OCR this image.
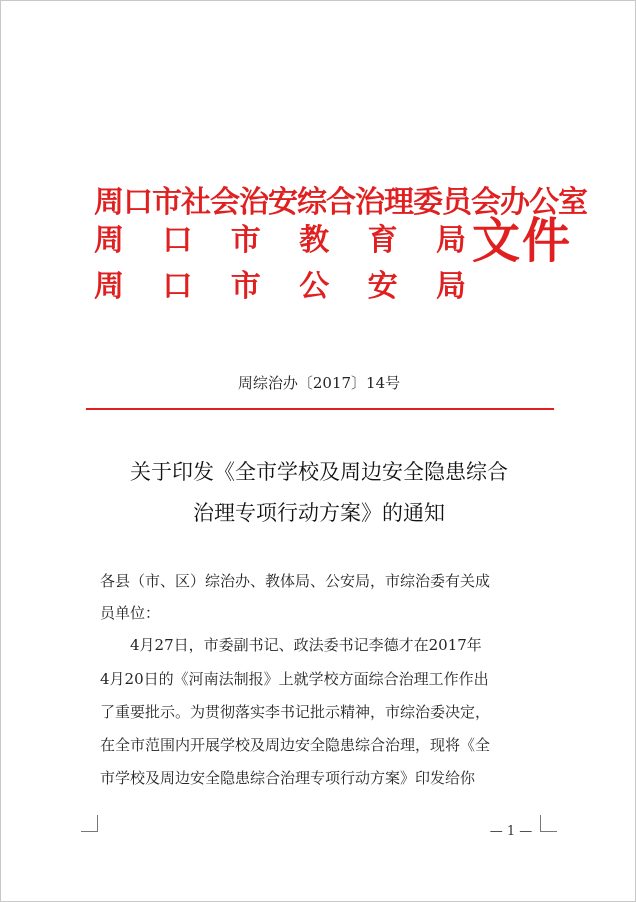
周口市社会治安综合治理委员会办公室
周 口 市 教 育 局
周 口 市 公 安 局
文件
周综治办〔2017〕14号
关于印发《全市学校及周边安全隐患综合
治理专项行动方案》的通知
各县（市、区）综治办、教体局、公安局，市综治委有关成
员单位：
　　4月27日，市委副书记、政法委书记李德才在2017年
4月20日的《河南法制报》上就学校方面综合治理工作作出
了重要批示。为贯彻落实李书记批示精神，市综治委决定，
在全市范围内开展学校及周边安全隐患综合治理，现将《全
市学校及周边安全隐患综合治理专项行动方案》印发给你
— 1 —
